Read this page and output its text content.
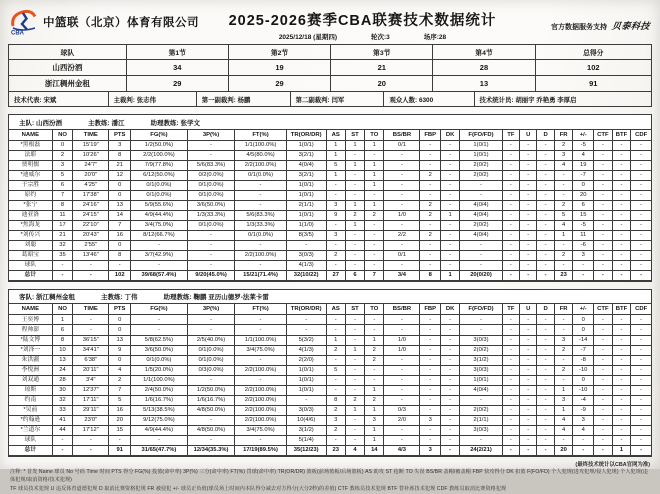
CBA
中篮联（北京）体育有限公司 2025-2026赛季CBA联赛技术数据统计
2025/12/18 (星期四)	轮次:3	场序:28
官方数据服务支持 贝泰科技
球队	第1节	第2节	第3节	第4节	总得分
山西汾酒	34	19	21	28	102
浙江稠州金租	29	29	20	13	91
技术代表: 宋斌	主裁判: 张志伟	第一副裁判: 杨鹏	第二副裁判: 闫军	观众人数: 6300	技术统计员: 胡丽宇 乔艳勇 李厚启
主队: 山西汾酒	主教练: 潘江	助理教练: 张学文
NAME	NO	TIME	PTS	FG(%)	3P(%)	FT(%)	TR(OR/DR)	AS	ST	TO	BS/BR	FBP	DK	F(FO/FD)	TF	U	D	FR	+/-	CTF	BTF	CDF
*黑根磊	0	15'19"	3	1/2(50.0%)	-	1/1(100.0%)	1(0/1)	1	1	1	0/1	-	-	1(0/1)	-	-	-	2	-5	-	-	-
法耶	2	10'26"	8	2/2(100.0%)	-	4/5(80.0%)	3(2/1)	1	-	-	-	-	-	1(0/1)	-	-	-	3	4	-	-	-
贾明儒	3	24'7"	21	7/9(77.8%)	5/6(83.3%)	2/2(100.0%)	4(0/4)	5	1	1	-	-	-	2(0/2)	-	-	-	4	19	-	-	-
*迪威尔	5	20'0"	12	6/12(50.0%)	0/2(0.0%)	0/1(0.0%)	3(2/1)	1	-	1	-	2	-	2(0/2)	-	-	-	-	-7	-	-	-
于宗胜	6	4'25"	0	0/1(0.0%)	0/1(0.0%)	-	1(0/1)	-	-	1	-	-	-	-	-	-	-	-	0	-	-	-
原约	7	17'38"	0	0/1(0.0%)	0/1(0.0%)	-	1(0/1)	-	-	-	-	-	-	-	-	-	-	-	20	-	-	-
*张宁	8	24'16"	13	5/9(55.6%)	3/6(50.0%)	-	2(1/1)	3	1	1	-	2	-	4(0/4)	-	-	-	2	6	-	-	-
迪亚洛	11	24'15"	14	4/9(44.4%)	1/3(33.3%)	5/6(83.3%)	1(0/1)	9	2	2	1/0	2	1	4(0/4)	-	-	-	5	15	-	-	-
*焦海龙	17	22'10"	7	3/4(75.0%)	0/1(0.0%)	1/3(33.3%)	1(1/0)	-	1	-	-	-	-	2(0/2)	-	-	-	4	-5	-	-	-
*刘传兴	21	20'43"	16	8/12(66.7%)	-	0/1(0.0%)	8(3/5)	3	-	-	2/2	2	-	4(0/4)	-	-	-	1	11	-	-	-
刘聪	32	2'55"	0	-	-	-	-	-	-	-	-	-	-	-	-	-	-	-	-6	-	-	-
葛昭宝	35	13'46"	8	3/7(42.9%)	-	2/2(100.0%)	3(0/3)	2	-	-	0/1	-	-	-	-	-	-	2	3	-	-	-
球队	-	-	-	-	-	-	4(1/3)	-	-	-	-	-	-	-	-	-	-	-	-	-	-	-
总计	-	-	102	39/68(57.4%)	9/20(45.0%)	15/21(71.4%)	32(10/22)	27	6	7	3/4	8	1	20(0/20)	-	-	-	23	-	-	-	-
客队: 浙江稠州金租	主教练: 丁伟	助理教练: 鞠鹏 亚历山德罗-法莱卡雷
NAME	NO	TIME	PTS	FG(%)	3P(%)	FT(%)	TR(OR/DR)	AS	ST	TO	BS/BR	FBP	DK	F(FO/FD)	TF	U	D	FR	+/-	CTF	BTF	CDF
王奕博	1	-	0	-	-	-	-	-	-	-	-	-	-	-	-	-	-	-	0	-	-	-
程帅澎	6	-	0	-	-	-	-	-	-	-	-	-	-	-	-	-	-	-	0	-	-	-
*陆文博	8	36'15"	13	5/8(62.5%)	2/5(40.0%)	1/1(100.0%)	5(3/2)	1	-	1	1/0	-	-	3(0/3)	-	-	-	3	-14	-	-	-
*刘泽一	10	34'41"	9	3/6(50.0%)	0/1(0.0%)	3/4(75.0%)	4(1/3)	2	1	2	1/0	-	-	2(0/2)	-	-	-	2	-7	-	-	-
朱洪疆	13	6'38"	0	0/1(0.0%)	0/1(0.0%)	-	2(2/0)	-	-	2	-	-	-	3(1/2)	-	-	-	-	-8	-	-	-
李悦洲	24	20'11"	4	1/5(20.0%)	0/3(0.0%)	2/2(100.0%)	1(0/1)	5	-	-	-	-	-	3(0/3)	-	-	-	2	-10	-	-	-
刘双通	28	3'4"	2	1/1(100.0%)	-	-	1(0/1)	-	-	-	-	-	-	1(0/1)	-	-	-	-	0	-	-	-
琼斯	30	12'37"	7	2/4(50.0%)	1/2(50.0%)	2/2(100.0%)	1(0/1)	-	-	1	-	-	-	4(0/4)	-	-	-	1	-10	-	-	-
约南	32	17'11"	5	1/6(16.7%)	1/6(16.7%)	2/2(100.0%)	-	8	2	2	-	-	-	-	-	-	-	3	-4	-	-	-
*吴前	33	29'11"	16	5/13(38.5%)	4/8(50.0%)	2/2(100.0%)	3(0/3)	2	1	1	0/3	-	-	2(0/2)	-	-	-	1	-9	-	-	-
*约翰逊	41	23'0"	20	9/12(75.0%)	-	2/2(100.0%)	10(4/6)	3	-	3	2/0	3	-	2(1/1)	-	-	-	4	3	-	-	-
*兰道尔	44	17'12"	15	4/9(44.4%)	4/8(50.0%)	3/4(75.0%)	3(1/2)	2	-	1	-	-	-	3(0/3)	-	-	-	4	4	-	-	-
球队	-	-	-	-	-	-	5(1/4)	-	-	1	-	-	-	-	-	-	-	-	-	-	-	-
总计	-	-	91	31/65(47.7%)	12/34(35.3%)	17/19(89.5%)	35(12/23)	23	4	14	4/3	3	-	24(2/21)	-	-	-	20	-	-	1	-
(最终技术统计以CBA官网为准)
注释: * 首发 Name 球员 No 号码 Time 时间 PTS 得分 FG(%) 投篮(命中率) 3P(%) 三分(命中率) FT(%) 罚球(命中率) TR(OR/DR) 篮板(前场篮板/后场篮板) AS 助攻 ST 抢断 TO 失误 BS/BR 盖帽/被盖帽 FBP 快攻得分 DK 扣篮 F(FO/FD) 个人犯规(进攻犯规/侵人犯规) 个人犯规(违体犯规/取消资格/技术犯规)
TF 球员技术犯规 U 违反体育道德犯规 D 取消比赛资格犯规 FR 被侵犯 +/- 球员正负值(球员场上时间内本队得分减去对方得分(大分2秒)的差值) CTF 教练员技术犯规 BTF 替补席技术犯规 CDF 教练员取消比赛资格犯规
